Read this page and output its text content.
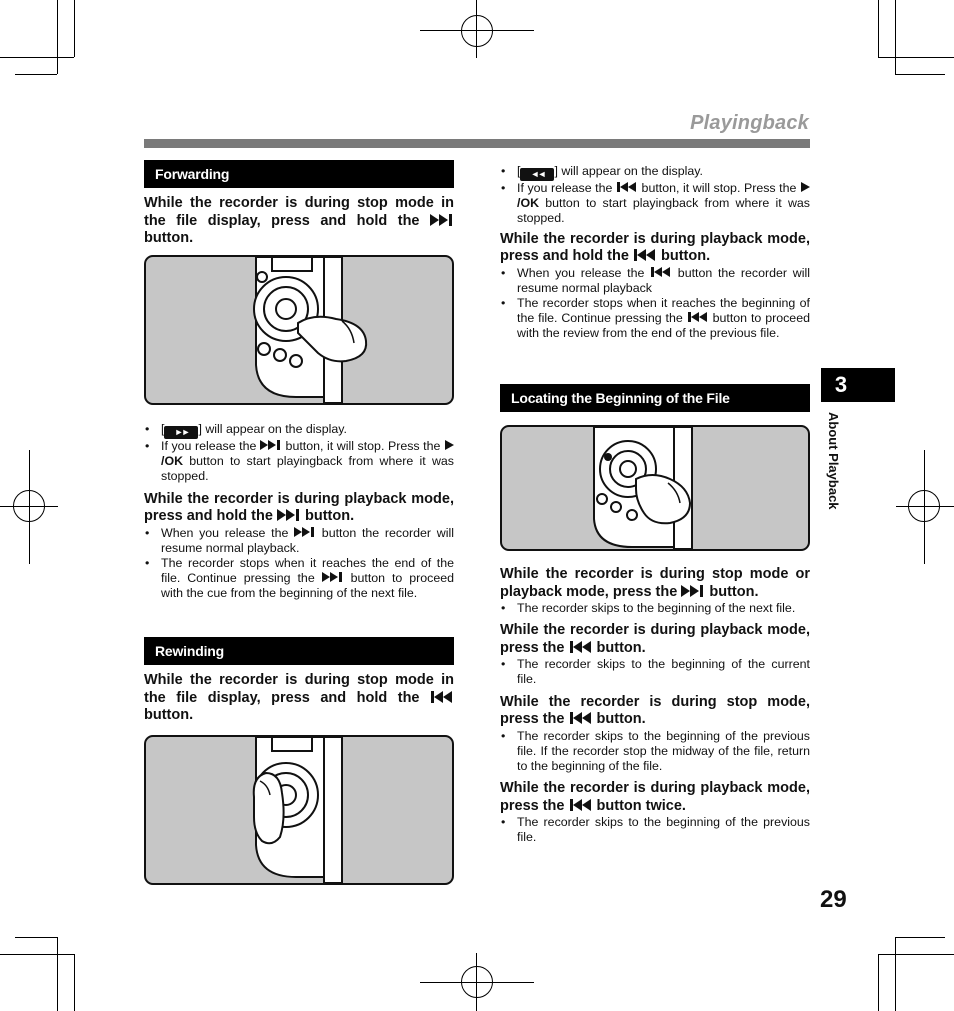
Playingback
3
About Playback
29
Forwarding

While the recorder is during stop mode in the file display, press and hold the  button.

• [	►► ] will appear on the display.
• If you release the button, it will stop. Press the /OK button to start playingback from where it was stopped.

While the recorder is during playback mode, press and hold the button.

• When you release the	button the recorder will resume normal playback.
• The recorder stops when it reaches the end of the file. Continue pressing the	button to proceed with the cue from the beginning of the next file.
Rewinding

While the recorder is during stop mode in the file display, press and hold the  button.

• [	◄◄ ] will appear on the display.
• If you release the button, it will stop. Press the /OK button to start playingback from where it was stopped.

While the recorder is during playback mode, press and hold the button.

• When you release the	button the recorder will resume normal playback
• The recorder stops when it reaches the beginning of the file. Continue pressing the button to proceed with the review from the end of the previous file.
Locating the Beginning of the File

While the recorder is during stop mode or playback mode, press the button.

• The recorder skips to the beginning of the next file.

While the recorder is during playback mode, press the button.

• The recorder skips to the beginning of the current file.

While the recorder is during stop mode, press the button.

• The recorder skips to the beginning of the previous file. If the recorder stop the midway of the file, return to the beginning of the file.

While the recorder is during playback mode, press the button twice.

• The recorder skips to the beginning of the previous file.
